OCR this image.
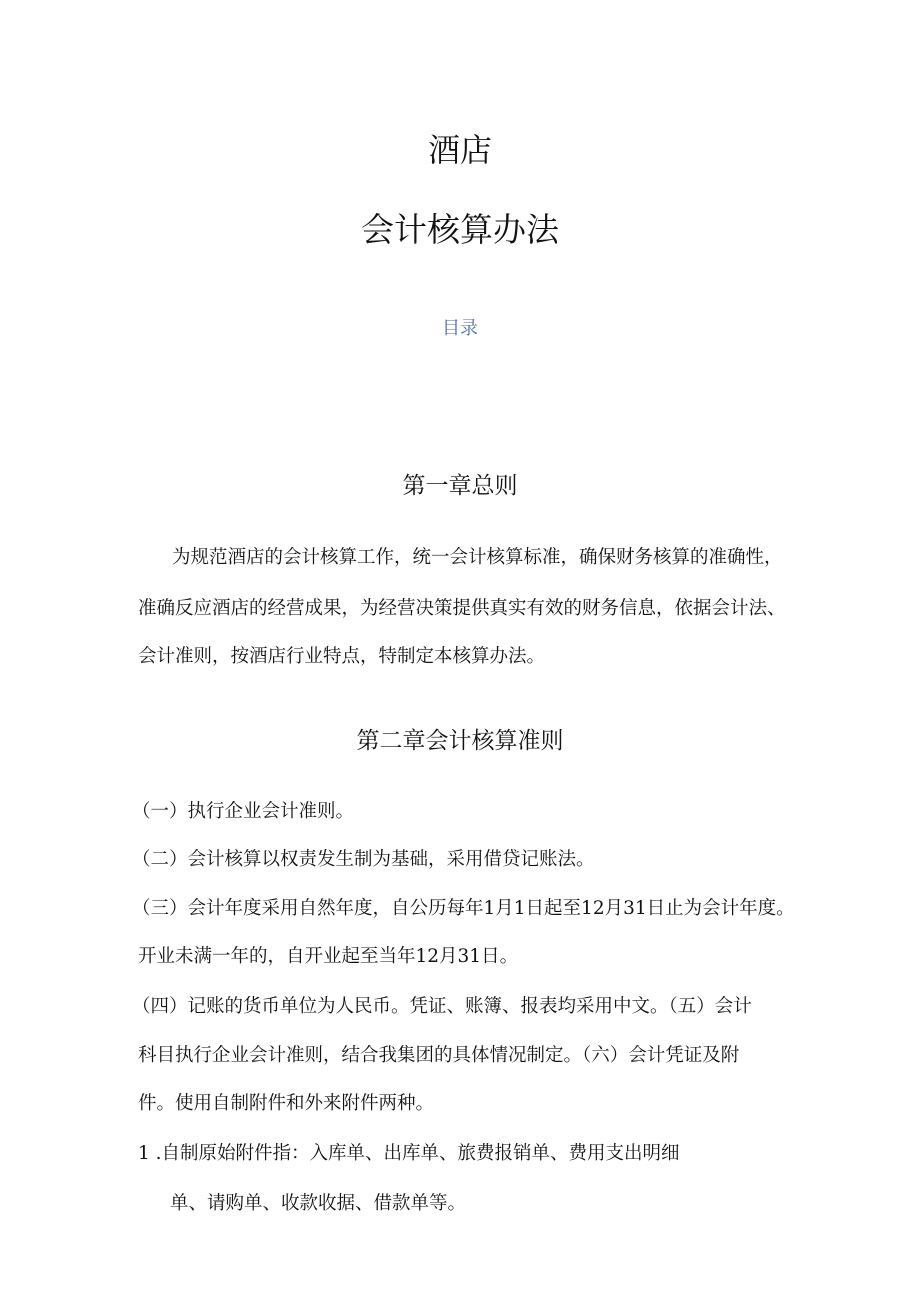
酒店
会计核算办法
目录
第一章总则
为规范酒店的会计核算工作，统一会计核算标准，确保财务核算的准确性，
准确反应酒店的经营成果，为经营决策提供真实有效的财务信息，依据会计法、
会计准则，按酒店行业特点，特制定本核算办法。
第二章会计核算准则
（一）执行企业会计准则。
（二）会计核算以权责发生制为基础，采用借贷记账法。
（三）会计年度采用自然年度，自公历每年1月1日起至12月31日止为会计年度。
开业未满一年的，自开业起至当年12月31日。
（四）记账的货币单位为人民币。凭证、账簿、报表均采用中文。（五）会计
科目执行企业会计准则，结合我集团的具体情况制定。（六）会计凭证及附
件。使用自制附件和外来附件两种。
1 .自制原始附件指：入库单、出库单、旅费报销单、费用支出明细
单、请购单、收款收据、借款单等。
